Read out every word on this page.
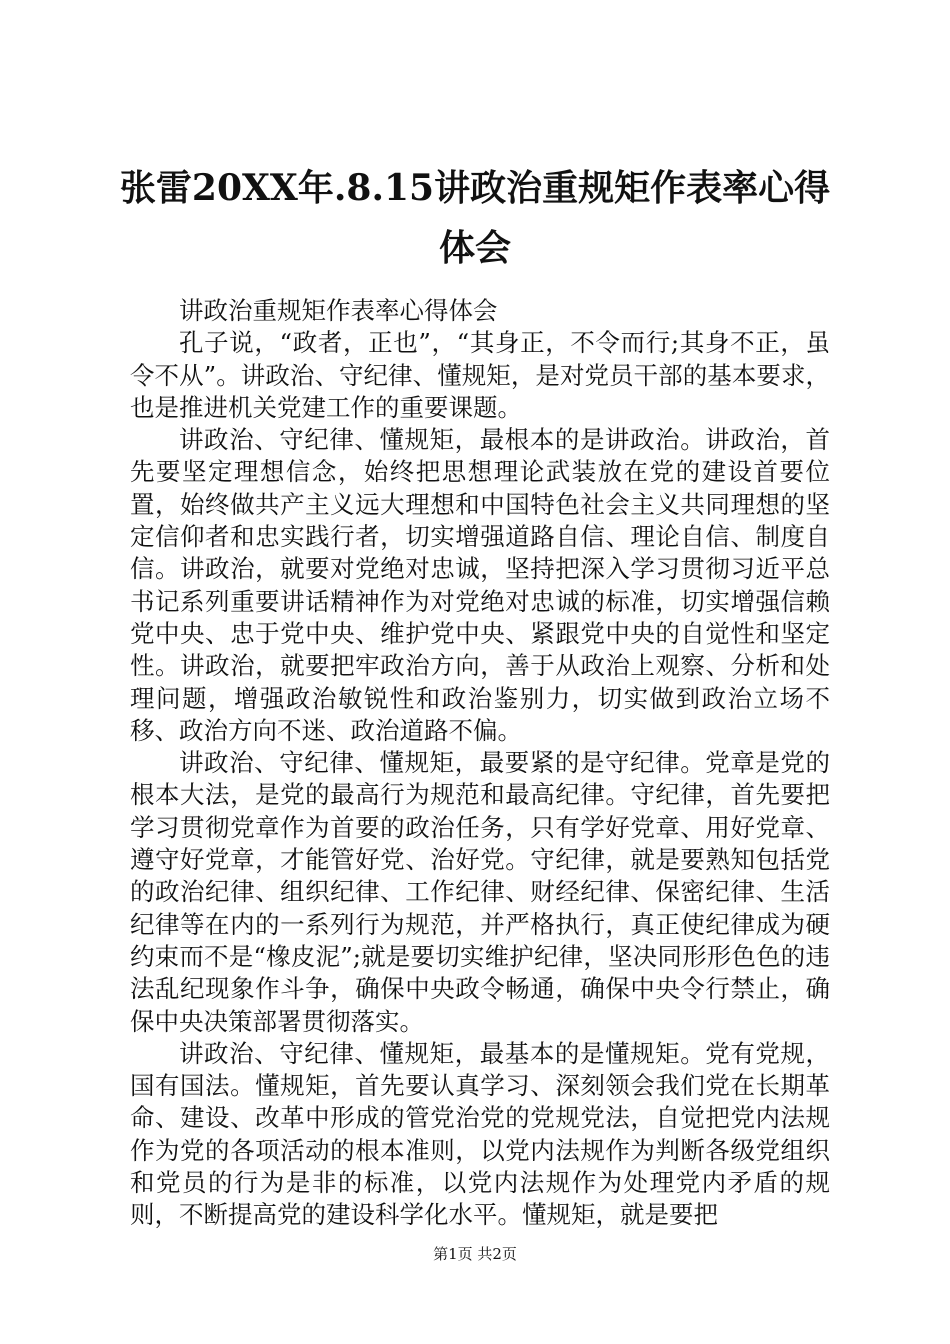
张雷20XX年.8.15讲政治重规矩作表率心得体会

讲政治重规矩作表率心得体会

孔子说，“政者，正也”，“其身正，不令而行;其身不正，虽令不从”。讲政治、守纪律、懂规矩，是对党员干部的基本要求，也是推进机关党建工作的重要课题。

讲政治、守纪律、懂规矩，最根本的是讲政治。讲政治，首先要坚定理想信念，始终把思想理论武装放在党的建设首要位置，始终做共产主义远大理想和中国特色社会主义共同理想的坚定信仰者和忠实践行者，切实增强道路自信、理论自信、制度自信。讲政治，就要对党绝对忠诚，坚持把深入学习贯彻习近平总书记系列重要讲话精神作为对党绝对忠诚的标准，切实增强信赖党中央、忠于党中央、维护党中央、紧跟党中央的自觉性和坚定性。讲政治，就要把牢政治方向，善于从政治上观察、分析和处理问题，增强政治敏锐性和政治鉴别力，切实做到政治立场不移、政治方向不迷、政治道路不偏。

讲政治、守纪律、懂规矩，最要紧的是守纪律。党章是党的根本大法，是党的最高行为规范和最高纪律。守纪律，首先要把学习贯彻党章作为首要的政治任务，只有学好党章、用好党章、遵守好党章，才能管好党、治好党。守纪律，就是要熟知包括党的政治纪律、组织纪律、工作纪律、财经纪律、保密纪律、生活纪律等在内的一系列行为规范，并严格执行，真正使纪律成为硬约束而不是“橡皮泥”;就是要切实维护纪律，坚决同形形色色的违法乱纪现象作斗争，确保中央政令畅通，确保中央令行禁止，确保中央决策部署贯彻落实。

讲政治、守纪律、懂规矩，最基本的是懂规矩。党有党规，国有国法。懂规矩，首先要认真学习、深刻领会我们党在长期革命、建设、改革中形成的管党治党的党规党法，自觉把党内法规作为党的各项活动的根本准则，以党内法规作为判断各级党组织和党员的行为是非的标准，以党内法规作为处理党内矛盾的规则，不断提高党的建设科学化水平。懂规矩，就是要把

第1页 共2页
